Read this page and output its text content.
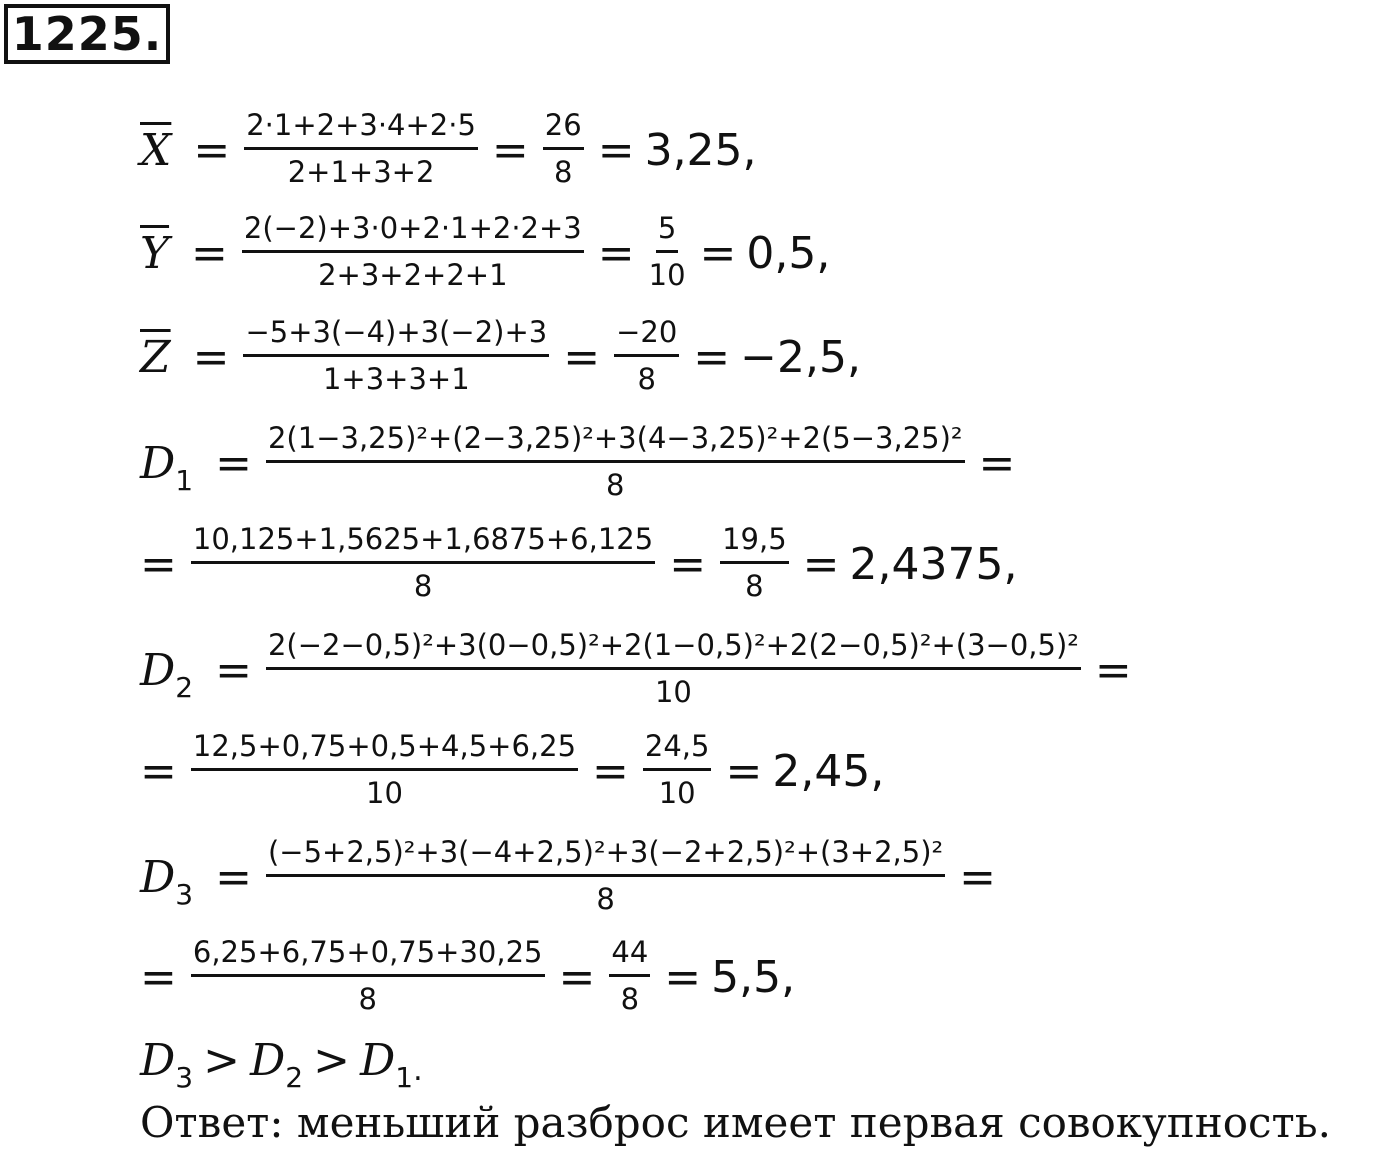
1225.
$\overline{X} = \frac{2\cdot 1+2+3\cdot 4+2\cdot 5}{2+1+3+2} = \frac{26}{8} = 3,25$,
$\overline{Y} = \frac{2(-2)+3\cdot 0+2\cdot 1+2\cdot 2+3}{2+3+2+2+1} = \frac{5}{10} = 0,5$,
$\overline{Z} = \frac{-5+3(-4)+3(-2)+3}{1+3+3+1} = \frac{-20}{8} = -2,5$,
D $1 = \frac{\text{2(1−3,25)²+(2−3,25)²+3(4−3,25)²+2(5−3,25)²}}{8}$ =
= $\frac{10,125+1,5625+1,6875+6,125}{8} = \frac{19,5}{8} = 2,4375$,
D $2 = \frac{\text{2(−2−0,5)²+3(0−0,5)²+2(1−0,5)²+2(2−0,5)²+(3−0,5)²}}{10}$ =
= $\frac{12,5+0,75+0,5+4,5+6,25}{10} = \frac{24,5}{10} = 2,45$,
D $3 = \frac{\text{(−5+2,5)²+3(−4+2,5)²+3(−2+2,5)²+(3+2,5)²}}{8}$ =
= $\frac{6,25+6,75+0,75+30,25}{8} = \frac{44}{8} = 5,5$,
D 3 > D 2 > D 1 .
Ответ: меньший разброс имеет первая совокупность.
